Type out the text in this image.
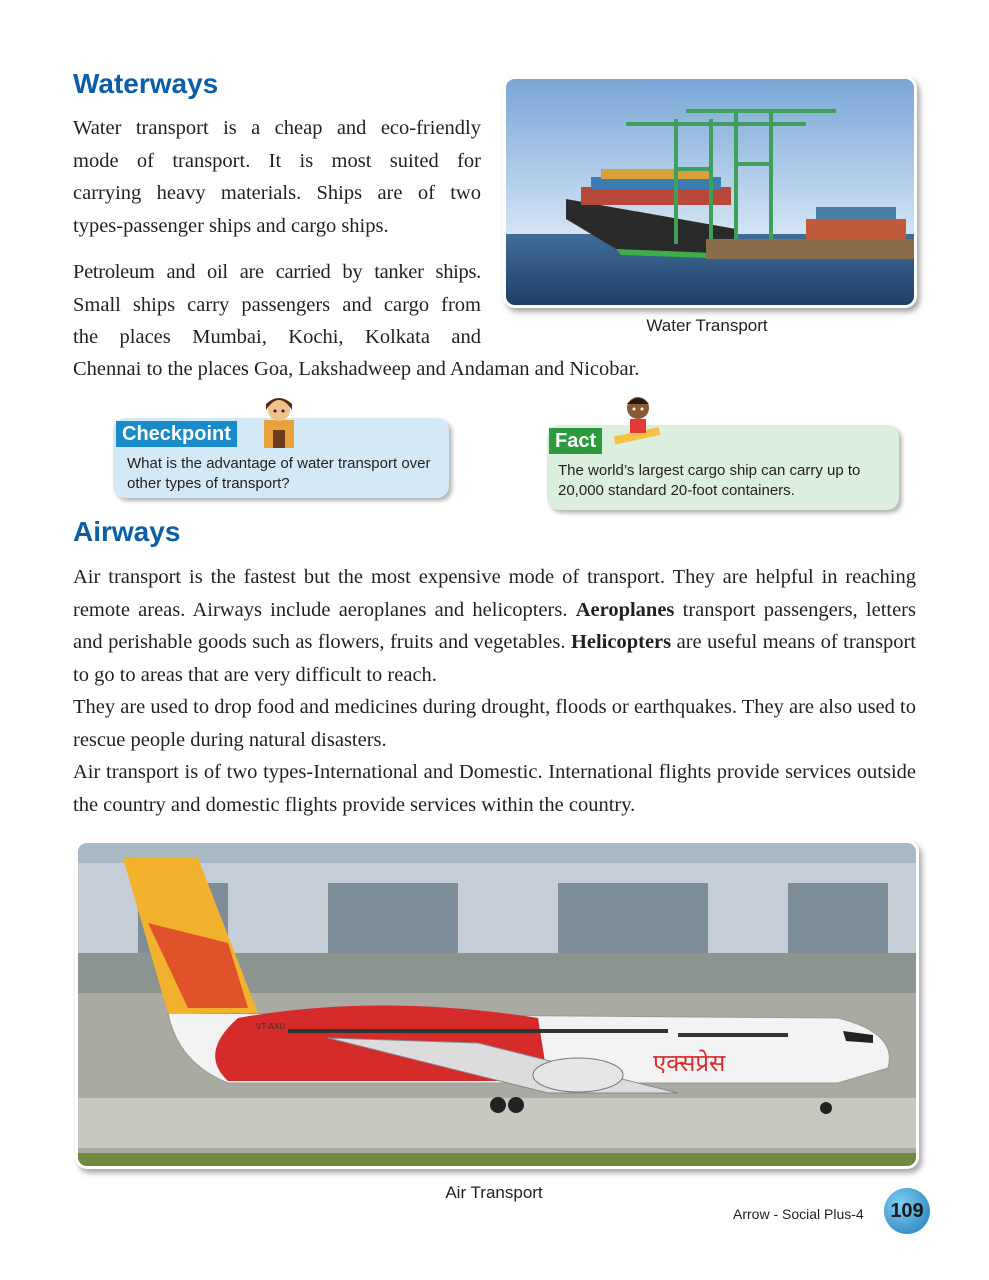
Waterways

Water transport is a cheap and eco-friendly

mode of transport. It is most suited for

carrying heavy materials. Ships are of two

types-passenger ships and cargo ships.

Petroleum and oil are carried by tanker ships.

Small ships carry passengers and cargo from

the places Mumbai, Kochi, Kolkata and

Chennai to the places Goa, Lakshadweep and Andaman and Nicobar.

Water Transport
Checkpoint
What is the advantage of water transport over other types of transport?
Fact
The world’s largest cargo ship can carry up to 20,000 standard 20-foot containers.
Airways

Air transport is the fastest but the most expensive mode of transport. They are helpful in reaching remote areas. Airways include aeroplanes and helicopters. Aeroplanes transport passengers, letters and perishable goods such as flowers, fruits and vegetables. Helicopters are useful means of transport to go to areas that are very difficult to reach.

They are used to drop food and medicines during drought, floods or earthquakes. They are also used to rescue people during natural disasters.

Air transport is of two types-International and Domestic. International flights provide services outside the country and domestic flights provide services within the country.

एक्सप्रेस
VT-AXU
Air Transport
Arrow - Social Plus-4 109
